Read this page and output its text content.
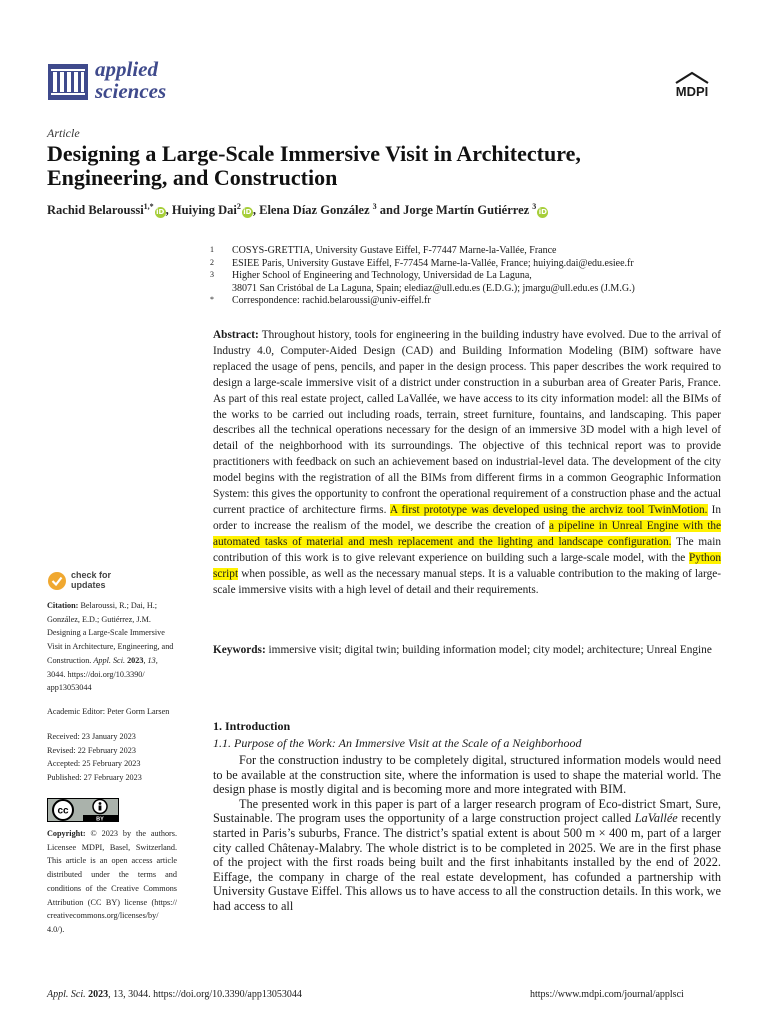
applied
sciences	MDPI
Article
Designing a Large-Scale Immersive Visit in Architecture, Engineering, and Construction
Rachid Belaroussi$^{1,*}$iD, Huiying Dai$^2$iD, Elena Díaz González $^3$ and Jorge Martín Gutiérrez $^3$iD
1	COSYS-GRETTIA, University Gustave Eiffel, F-77447 Marne-la-Vallée, France
2	ESIEE Paris, University Gustave Eiffel, F-77454 Marne-la-Vallée, France; huiying.dai@edu.esiee.fr
3	Higher School of Engineering and Technology, Universidad de La Laguna,
38071 San Cristóbal de La Laguna, Spain; elediaz@ull.edu.es (E.D.G.); jmargu@ull.edu.es (J.M.G.)
*	Correspondence: rachid.belaroussi@univ-eiffel.fr
Abstract: Throughout history, tools for engineering in the building industry have evolved. Due to the arrival of Industry 4.0, Computer-Aided Design (CAD) and Building Information Modeling (BIM) software have replaced the usage of pens, pencils, and paper in the design process. This paper describes the work required to design a large-scale immersive visit of a district under construction in a suburban area of Greater Paris, France. As part of this real estate project, called LaVallée, we have access to its city information model: all the BIMs of the works to be carried out including roads, terrain, street furniture, fountains, and landscaping. This paper describes all the technical operations necessary for the design of an immersive 3D model with a high level of detail of the neighborhood with its surroundings. The objective of this technical report was to provide practitioners with feedback on such an achievement based on industrial-level data. The development of the city model begins with the registration of all the BIMs from different firms in a common Geographic Information System: this gives the opportunity to confront the operational requirement of a construction phase and the actual current practice of architecture firms. A first prototype was developed using the archviz tool TwinMotion. In order to increase the realism of the model, we describe the creation of a pipeline in Unreal Engine with the automated tasks of material and mesh replacement and the lighting and landscape configuration. The main contribution of this work is to give relevant experience on building such a large-scale model, with the Python script when possible, as well as the necessary manual steps. It is a valuable contribution to the making of large-scale immersive visits with a high level of detail and their requirements.
Keywords: immersive visit; digital twin; building information model; city model; architecture; Unreal Engine
check for
updates
Citation: Belaroussi, R.; Dai, H.; González, E.D.; Gutiérrez, J.M. Designing a Large-Scale Immersive Visit in Architecture, Engineering, and Construction. Appl. Sci. 2023, 13, 3044. https://doi.org/10.3390/ app13053044
Academic Editor: Peter Gorm Larsen
Received: 23 January 2023
Revised: 22 February 2023
Accepted: 25 February 2023
Published: 27 February 2023
cc
BY
Copyright: © 2023 by the authors. Licensee MDPI, Basel, Switzerland. This article is an open access article distributed under the terms and conditions of the Creative Commons Attribution (CC BY) license (https:// creativecommons.org/licenses/by/ 4.0/).
1. Introduction
1.1. Purpose of the Work: An Immersive Visit at the Scale of a Neighborhood

For the construction industry to be completely digital, structured information models would need to be available at the construction site, where the information is used to shape the material world. The design phase is mostly digital and is becoming more and more integrated with BIM.

The presented work in this paper is part of a larger research program of Eco-district Smart, Sure, Sustainable. The program uses the opportunity of a large construction project called LaVallée recently started in Paris’s suburbs, France. The district’s spatial extent is about 500 m × 400 m, part of a larger city called Châtenay-Malabry. The whole district is to be completed in 2025. We are in the first phase of the project with the first roads being built and the first inhabitants installed by the end of 2022. Eiffage, the company in charge of the real estate development, has cofunded a partnership with University Gustave Eiffel. This allows us to have access to all the construction details. In this work, we had access to all

Appl. Sci. 2023, 13, 3044. https://doi.org/10.3390/app13053044	https://www.mdpi.com/journal/applsci
